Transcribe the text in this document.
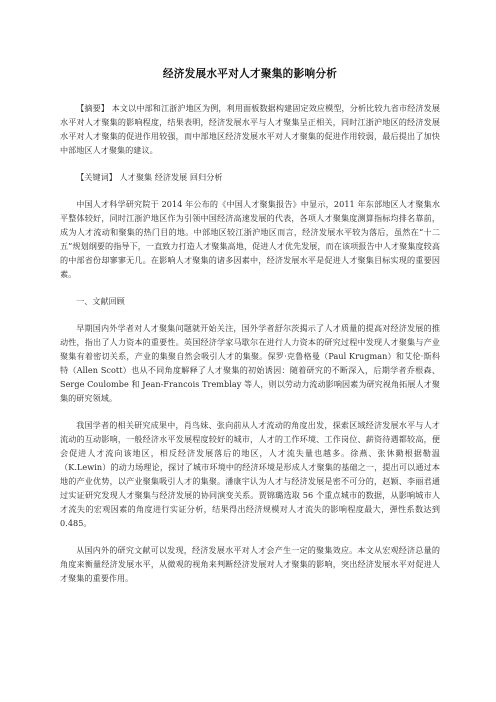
经济发展水平对人才聚集的影响分析

【摘要】 本文以中部和江浙沪地区为例，利用面板数据构建固定效应模型，分析比较九省市经济发展水平对人才聚集的影响程度，结果表明，经济发展水平与人才聚集呈正相关，同时江浙沪地区的经济发展水平对人才聚集的促进作用较强，而中部地区经济发展水平对人才聚集的促进作用较弱，最后提出了加快中部地区人才聚集的建议。

【关键词】 人才聚集 经济发展 回归分析

中国人才科学研究院于 2014 年公布的《中国人才聚集报告》中显示，2011 年东部地区人才聚集水平整体较好，同时江浙沪地区作为引领中国经济高速发展的代表，各项人才聚集度测算指标均排名靠前，成为人才流动和聚集的热门目的地。中部地区较江浙沪地区而言，经济发展水平较为落后，虽然在“十二五”规划纲要的指导下，一直致力打造人才聚集高地，促进人才优先发展，而在该项报告中人才聚集度较高的中部省份却寥寥无几。在影响人才聚集的诸多因素中，经济发展水平是促进人才聚集目标实现的重要因素。

一、文献回顾

早期国内外学者对人才聚集问题就开始关注，国外学者舒尔茨揭示了人才质量的提高对经济发展的推动性，指出了人力资本的重要性。英国经济学家马歇尔在进行人力资本的研究过程中发现人才聚集与产业聚集有着密切关系，产业的集聚自然会吸引人才的集聚。保罗·克鲁格曼（Paul Krugman）和艾伦·斯科特（Allen Scott）也从不同角度解释了人才聚集的初始诱因：随着研究的不断深入，后期学者乔根森、Serge Coulombe 和 Jean-Francois Tremblay 等人，则以劳动力流动影响因素为研究视角拓展人才聚集的研究领域。

我国学者的相关研究成果中，肖鸟妹、张向前从人才流动的角度出发，探索区域经济发展水平与人才流动的互动影响，一般经济水平发展程度较好的城市，人才的工作环境、工作岗位、薪资待遇都较高，便会促进人才流向该地区，相反经济发展落后的地区，人才流失量也越多。徐燕、张休勤根据勒温（K.Lewin）的动力场理论，探讨了城市环境中的经济环境是形成人才聚集的基础之一，提出可以通过本地的产业优势，以产业聚集吸引人才的集聚。潘康宇认为人才与经济发展是密不可分的，赵颖、李丽君通过实证研究发现人才聚集与经济发展的协同演变关系。贾锦璐选取 56 个重点城市的数据，从影响城市人才流失的宏观因素的角度进行实证分析，结果得出经济规模对人才流失的影响程度最大，弹性系数达到 0.485。

从国内外的研究文献可以发现，经济发展水平对人才会产生一定的聚集效应。本文从宏观经济总量的角度来衡量经济发展水平，从微观的视角来判断经济发展对人才聚集的影响，突出经济发展水平对促进人才聚集的重要作用。
